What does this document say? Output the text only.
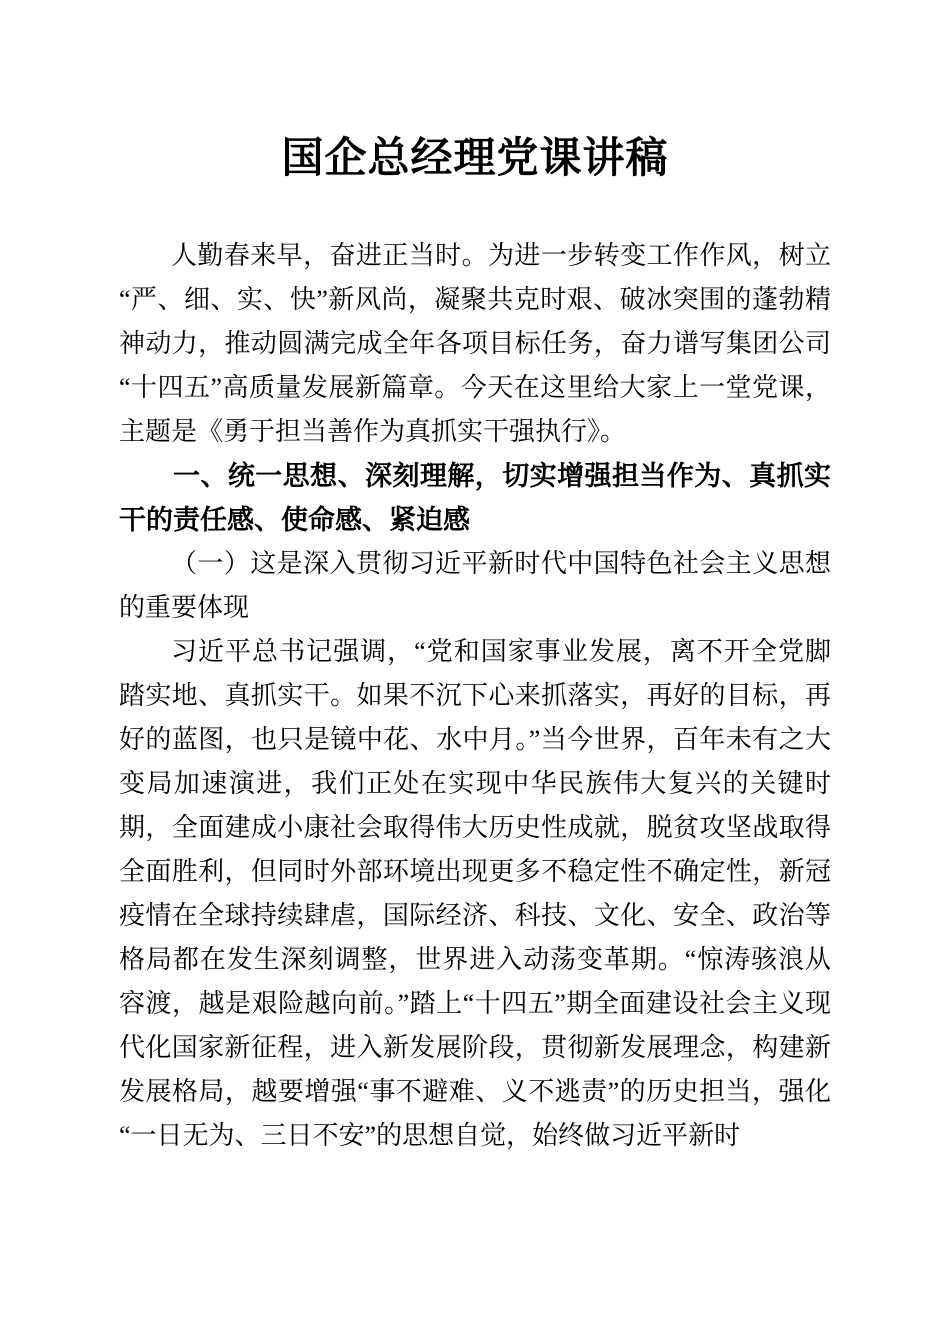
国企总经理党课讲稿

人勤春来早，奋进正当时。为进一步转变工作作风，树立“严、细、实、快”新风尚，凝聚共克时艰、破冰突围的蓬勃精神动力，推动圆满完成全年各项目标任务，奋力谱写集团公司“十四五”高质量发展新篇章。今天在这里给大家上一堂党课，主题是《勇于担当善作为真抓实干强执行》。

一、统一思想、深刻理解，切实增强担当作为、真抓实干的责任感、使命感、紧迫感

（一）这是深入贯彻习近平新时代中国特色社会主义思想的重要体现

习近平总书记强调，“党和国家事业发展，离不开全党脚踏实地、真抓实干。如果不沉下心来抓落实，再好的目标，再好的蓝图，也只是镜中花、水中月。”当今世界，百年未有之大变局加速演进，我们正处在实现中华民族伟大复兴的关键时期，全面建成小康社会取得伟大历史性成就，脱贫攻坚战取得全面胜利，但同时外部环境出现更多不稳定性不确定性，新冠疫情在全球持续肆虐，国际经济、科技、文化、安全、政治等格局都在发生深刻调整，世界进入动荡变革期。“惊涛骇浪从容渡，越是艰险越向前。”踏上“十四五”期全面建设社会主义现代化国家新征程，进入新发展阶段，贯彻新发展理念，构建新发展格局，越要增强“事不避难、义不逃责”的历史担当，强化“一日无为、三日不安”的思想自觉，始终做习近平新时
